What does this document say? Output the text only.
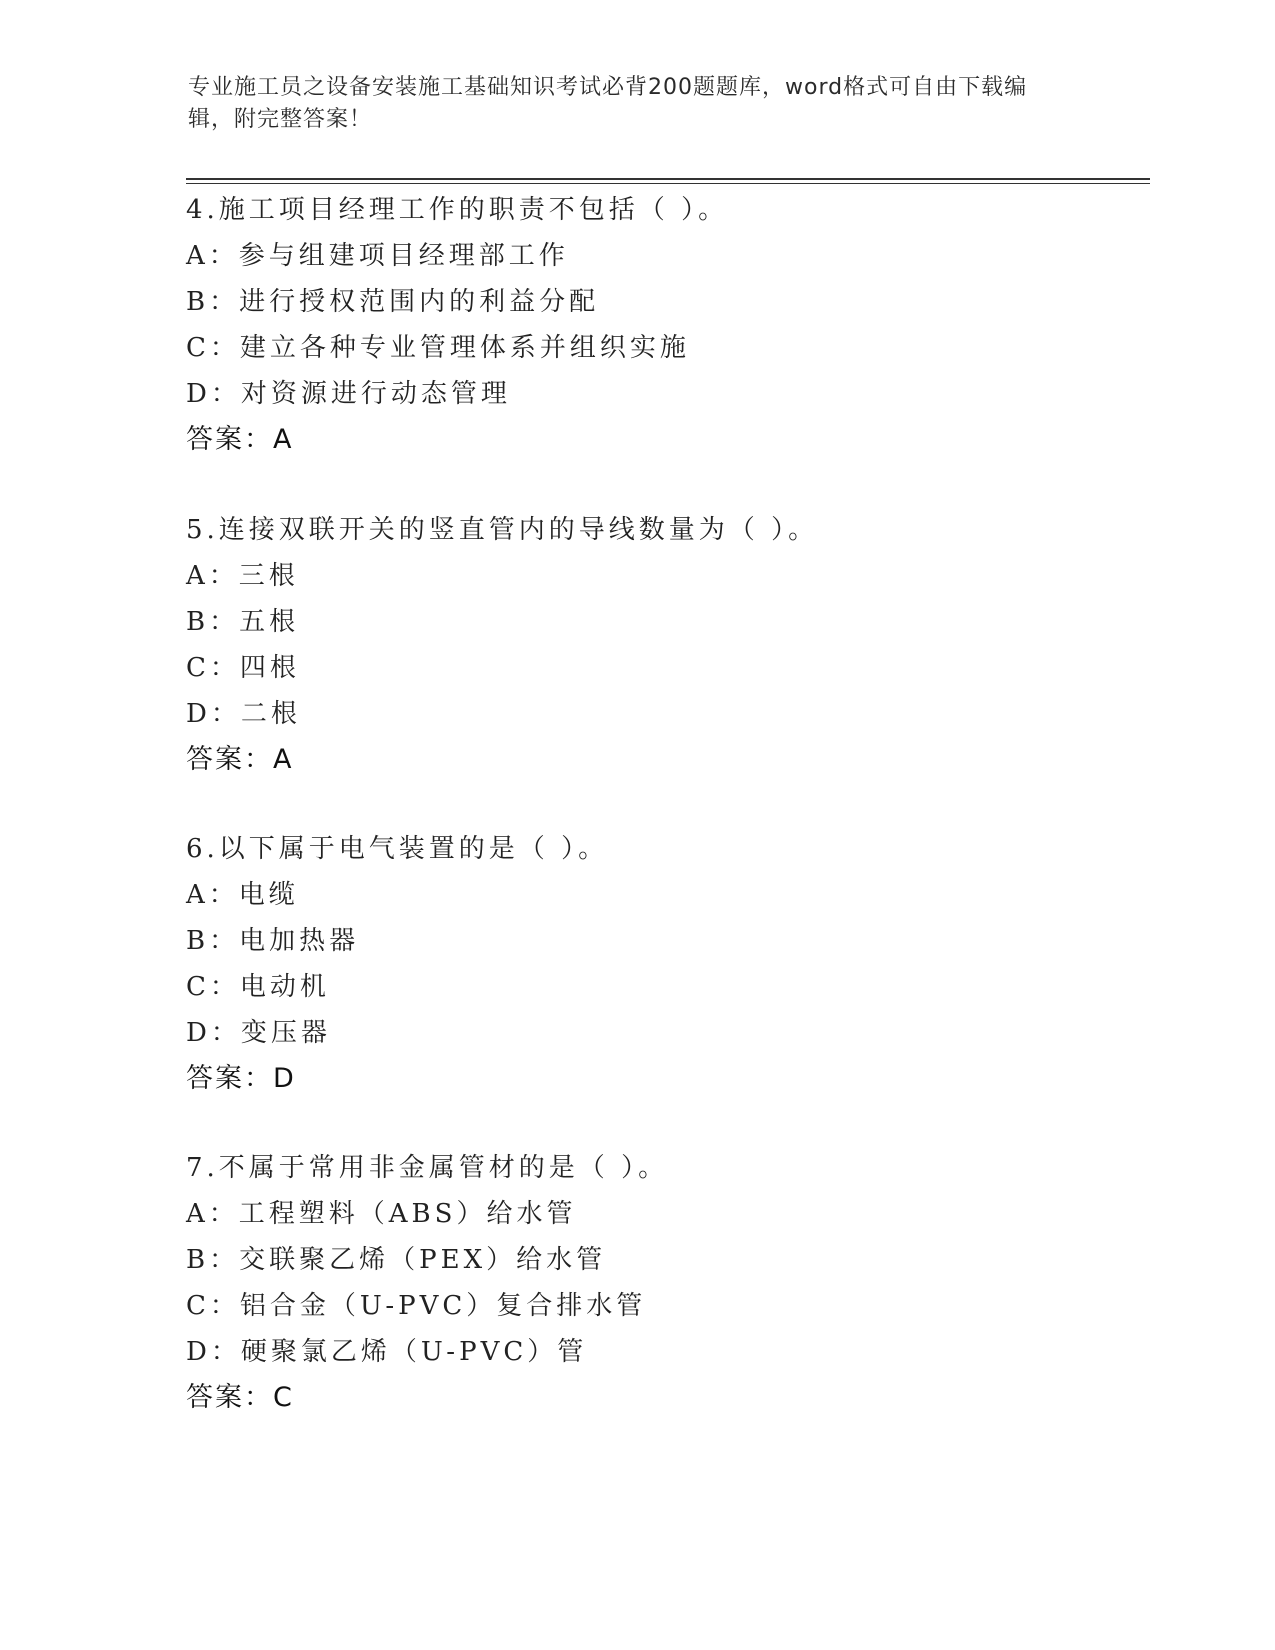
专业施工员之设备安装施工基础知识考试必背200题题库，word格式可自由下载编辑，附完整答案！
4.施工项目经理工作的职责不包括（ ）。
A：参与组建项目经理部工作
B：进行授权范围内的利益分配
C：建立各种专业管理体系并组织实施
D：对资源进行动态管理
答案：A
5.连接双联开关的竖直管内的导线数量为（ ）。
A：三根
B：五根
C：四根
D：二根
答案：A
6.以下属于电气装置的是（ ）。
A：电缆
B：电加热器
C：电动机
D：变压器
答案：D
7.不属于常用非金属管材的是（ ）。
A：工程塑料（ABS）给水管
B：交联聚乙烯（PEX）给水管
C：铝合金（U-PVC）复合排水管
D：硬聚氯乙烯（U-PVC）管
答案：C
